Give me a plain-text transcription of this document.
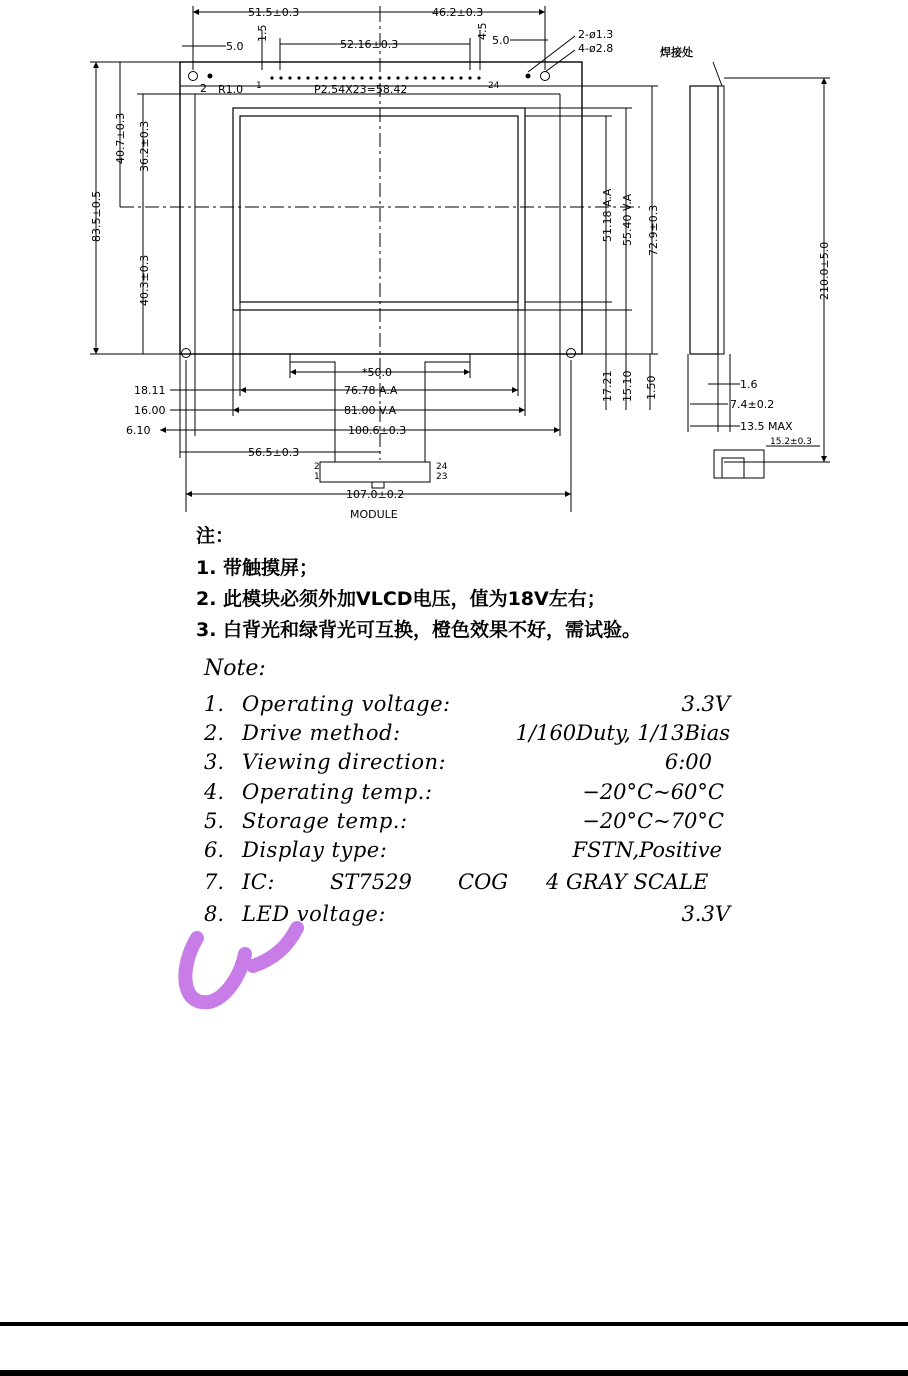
51.5±0.3	46.2±0.3
5.0
1.5
52.16±0.3
4.5
5.0	2-ø1.3
4-ø2.8
2	1
R1.0	P2.54X23=58.42	24
83.5±0.5
40.7±0.3 36.2±0.3
40.3±0.3
51.18 A.A 55.40 V.A 72.9±0.3
17.21 15.10 1.50
*50.0
18.11	76.78 A.A
16.00	81.00 V.A
6.10	100.6±0.3
56.5±0.3
2
1
24
23
107.0±0.2
MODULE
焊接处
210.0±5.0
1.6
7.4±0.2
13.5 MAX
15.2±0.3
注：
1. 带触摸屏；
2. 此模块必须外加VLCD电压，值为18V左右；
3. 白背光和绿背光可互换，橙色效果不好，需试验。
Note:
1. Operating voltage:	3.3V
2. Drive method:	1/160Duty, 1/13Bias
3. Viewing direction:	6:00
4. Operating temp.:	−20°C~60°C
5. Storage temp.:	−20°C~70°C
6. Display type:	FSTN,Positive
7. IC:	ST7529 COG 4 GRAY SCALE
8. LED voltage:	3.3V
